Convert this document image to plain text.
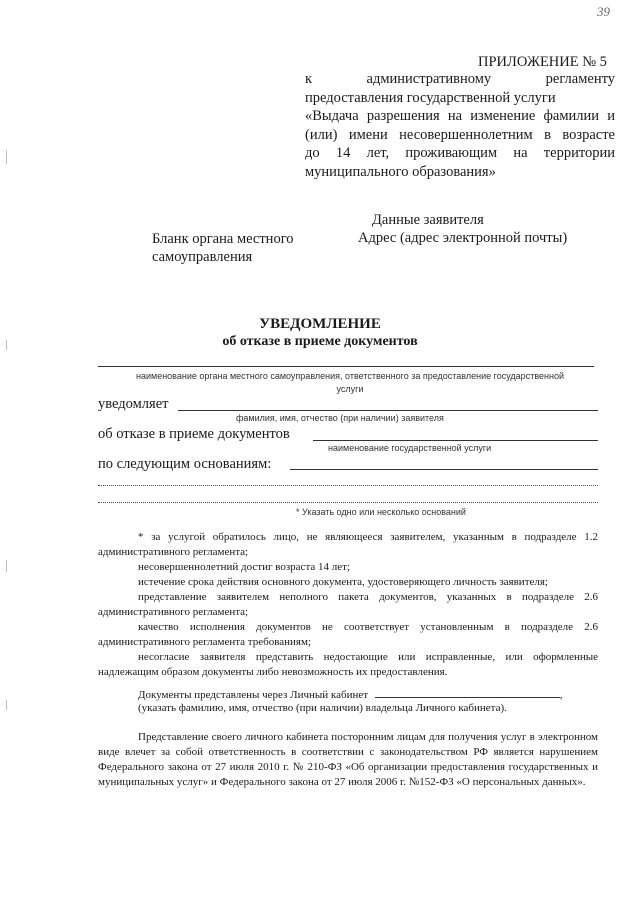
39
ПРИЛОЖЕНИЕ № 5
к административному регламенту
предоставления государственной услуги
«Выдача разрешения на изменение фамилии и
(или) имени несовершеннолетним в возрасте
до 14 лет, проживающим на территории
муниципального образования»
Данные заявителя
Адрес (адрес электронной почты)
Бланк органа местного
самоуправления
УВЕДОМЛЕНИЕ
об отказе в приеме документов
наименование органа местного самоуправления, ответственного за предоставление государственной
услуги
уведомляет
фамилия, имя, отчество (при наличии) заявителя
об отказе в приеме документов
наименование государственной услуги
по следующим основаниям:
* Указать одно или несколько оснований
* за услугой обратилось лицо, не являющееся заявителем, указанным в подразделе 1.2 административного регламента;
несовершеннолетний достиг возраста 14 лет;
истечение срока действия основного документа, удостоверяющего личность заявителя;
представление заявителем неполного пакета документов, указанных в подразделе 2.6 административного регламента;
качество исполнения документов не соответствует установленным в подразделе 2.6 административного регламента требованиям;
несогласие заявителя представить недостающие или исправленные, или оформленные надлежащим образом документы либо невозможность их предоставления.
Документы представлены через Личный кабинет	,
(указать фамилию, имя, отчество (при наличии) владельца Личного кабинета).
Представление своего личного кабинета посторонним лицам для получения услуг в электронном виде влечет за собой ответственность в соответствии с законодательством РФ является нарушением Федерального закона от 27 июля 2010 г. № 210-ФЗ «Об организации предоставления государственных и муниципальных услуг» и Федерального закона от 27 июля 2006 г. №152-ФЗ «О персональных данных».
